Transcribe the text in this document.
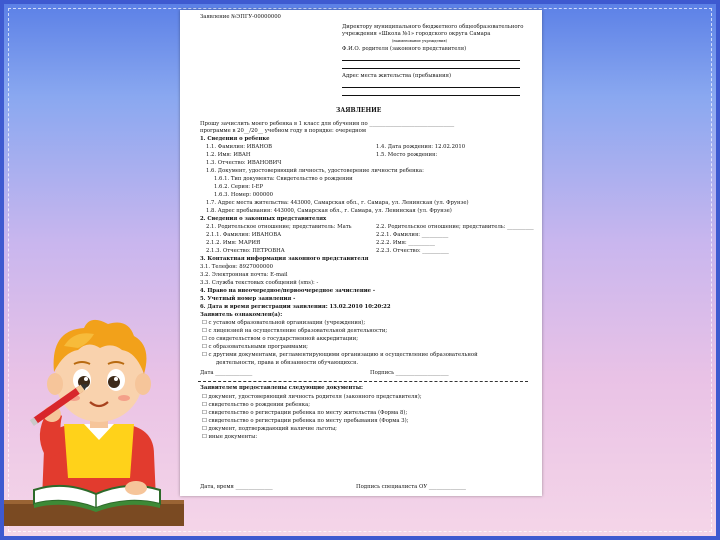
Заявление №ЭПГУ-00000000
Директору муниципального бюджетного общеобразовательного
учреждения «Школа №1» городского округа Самара
(наименование учреждения)
Ф.И.О. родителя (законного представителя)
Адрес места жительства (пребывания)
ЗАЯВЛЕНИЕ
Прошу зачислить моего ребенка в 1 класс для обучения по ________________________________
программе в 20__/20__ учебном году в порядке: очередном
1. Сведения о ребенке
1.1. Фамилия: ИВАНОВ	1.4. Дата рождения: 12.02.2010
1.2. Имя: ИВАН	1.5. Место рождения:
1.3. Отчество: ИВАНОВИЧ
1.6. Документ, удостоверяющий личность, удостоверение личности ребенка:
1.6.1. Тип документа: Свидетельство о рождении
1.6.2. Серия: I-ЕР
1.6.3. Номер: 000000
1.7. Адрес места жительства: 443000, Самарская обл., г. Самара, ул. Ленинская (ул. Фрунзе)
1.8. Адрес пребывания: 443000, Самарская обл., г. Самара, ул. Ленинская (ул. Фрунзе)
2. Сведения о законных представителях
2.1. Родительское отношение; представитель: Мать	2.2. Родительское отношение; представитель: __________
2.1.1. Фамилия: ИВАНОВА	2.2.1. Фамилия: __________
2.1.2. Имя: МАРИЯ	2.2.2. Имя: __________
2.1.3. Отчество: ПЕТРОВНА	2.2.3. Отчество: __________
3. Контактная информация законного представителя
3.1. Телефон: 8927000000
3.2. Электронная почта: E-mail
3.3. Служба текстовых сообщений (sms): -
4. Право на внеочередное/первоочередное зачисление -
5. Учетный номер заявления -
6. Дата и время регистрации заявления: 13.02.2010 10:20:22
Заявитель ознакомлен(а):
☐ с уставом образовательной организации (учреждения);
☐ с лицензией на осуществление образовательной деятельности;
☐ со свидетельством о государственной аккредитации;
☐ с образовательными программами;
☐ с другими документами, регламентирующими организацию и осуществление образовательной
деятельности, права и обязанности обучающихся.
Дата ______________	Подпись ____________________
Заявителем предоставлены следующие документы:
☐ документ, удостоверяющий личность родителя (законного представителя);
☐ свидетельство о рождении ребенка;
☐ свидетельство о регистрации ребенка по месту жительства (Форма 8);
☐ свидетельство о регистрации ребенка по месту пребывания (Форма 3);
☐ документ, подтверждающий наличие льготы;
☐ иные документы:
Дата, время ______________	Подпись специалиста ОУ ______________
